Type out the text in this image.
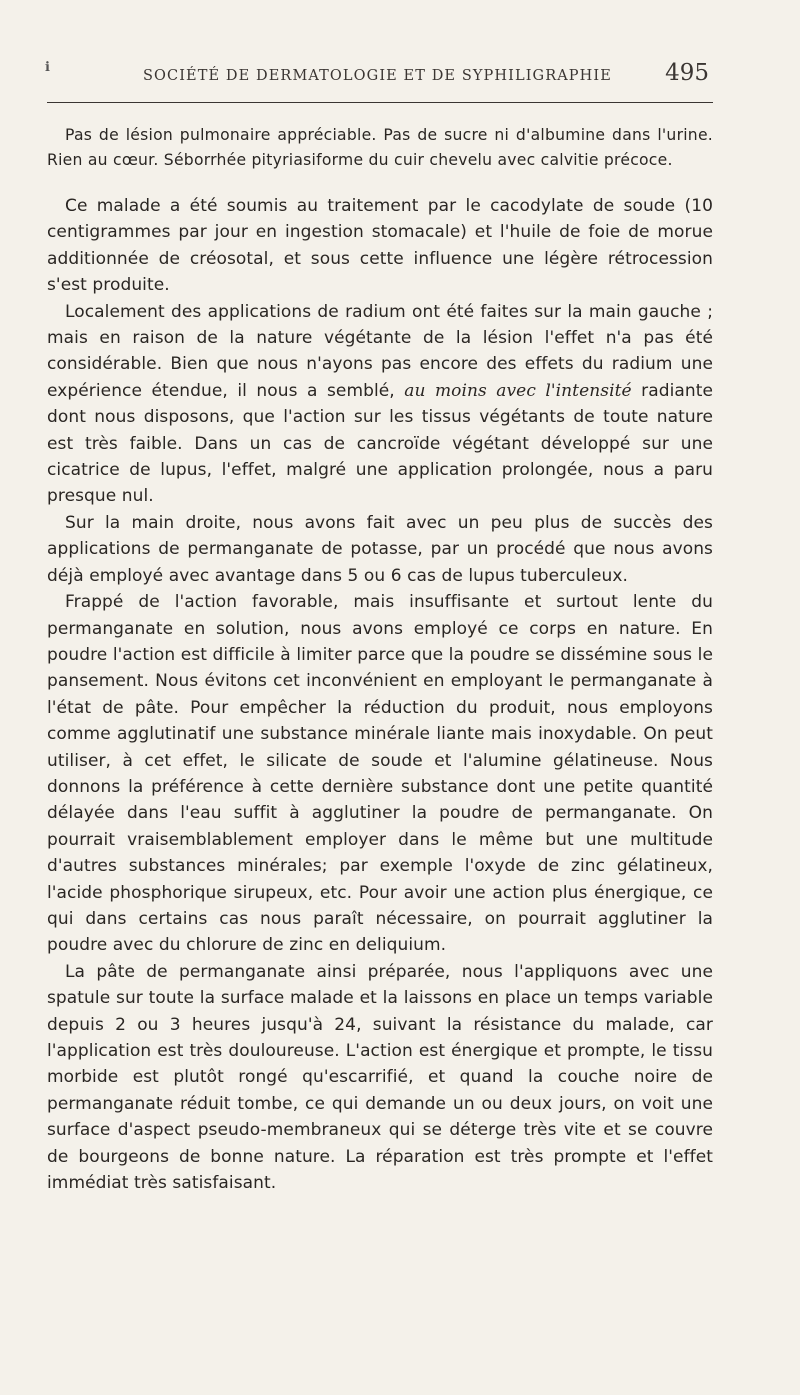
ℹ
SOCIÉTÉ DE DERMATOLOGIE ET DE SYPHILIGRAPHIE 495

Pas de lésion pulmonaire appréciable. Pas de sucre ni d'albumine dans l'urine. Rien au cœur. Séborrhée pityriasiforme du cuir chevelu avec calvitie précoce.

Ce malade a été soumis au traitement par le cacodylate de soude (10 centigrammes par jour en ingestion stomacale) et l'huile de foie de morue additionnée de créosotal, et sous cette influence une légère rétrocession s'est produite.

Localement des applications de radium ont été faites sur la main gauche ; mais en raison de la nature végétante de la lésion l'effet n'a pas été considérable. Bien que nous n'ayons pas encore des effets du radium une expérience étendue, il nous a semblé, au moins avec l'intensité radiante dont nous disposons, que l'action sur les tissus végétants de toute nature est très faible. Dans un cas de cancroïde végétant développé sur une cicatrice de lupus, l'effet, malgré une application prolongée, nous a paru presque nul.

Sur la main droite, nous avons fait avec un peu plus de succès des applications de permanganate de potasse, par un procédé que nous avons déjà employé avec avantage dans 5 ou 6 cas de lupus tuberculeux.

Frappé de l'action favorable, mais insuffisante et surtout lente du permanganate en solution, nous avons employé ce corps en nature. En poudre l'action est difficile à limiter parce que la poudre se dissémine sous le pansement. Nous évitons cet inconvénient en employant le permanganate à l'état de pâte. Pour empêcher la réduction du produit, nous employons comme agglutinatif une substance minérale liante mais inoxydable. On peut utiliser, à cet effet, le silicate de soude et l'alumine gélatineuse. Nous donnons la préférence à cette dernière substance dont une petite quantité délayée dans l'eau suffit à agglutiner la poudre de permanganate. On pourrait vraisemblablement employer dans le même but une multitude d'autres substances minérales; par exemple l'oxyde de zinc gélatineux, l'acide phosphorique sirupeux, etc. Pour avoir une action plus énergique, ce qui dans certains cas nous paraît nécessaire, on pourrait agglutiner la poudre avec du chlorure de zinc en deliquium.

La pâte de permanganate ainsi préparée, nous l'appliquons avec une spatule sur toute la surface malade et la laissons en place un temps variable depuis 2 ou 3 heures jusqu'à 24, suivant la résistance du malade, car l'application est très douloureuse. L'action est énergique et prompte, le tissu morbide est plutôt rongé qu'escarrifié, et quand la couche noire de permanganate réduit tombe, ce qui demande un ou deux jours, on voit une surface d'aspect pseudo-membraneux qui se déterge très vite et se couvre de bourgeons de bonne nature. La réparation est très prompte et l'effet immédiat très satisfaisant.
